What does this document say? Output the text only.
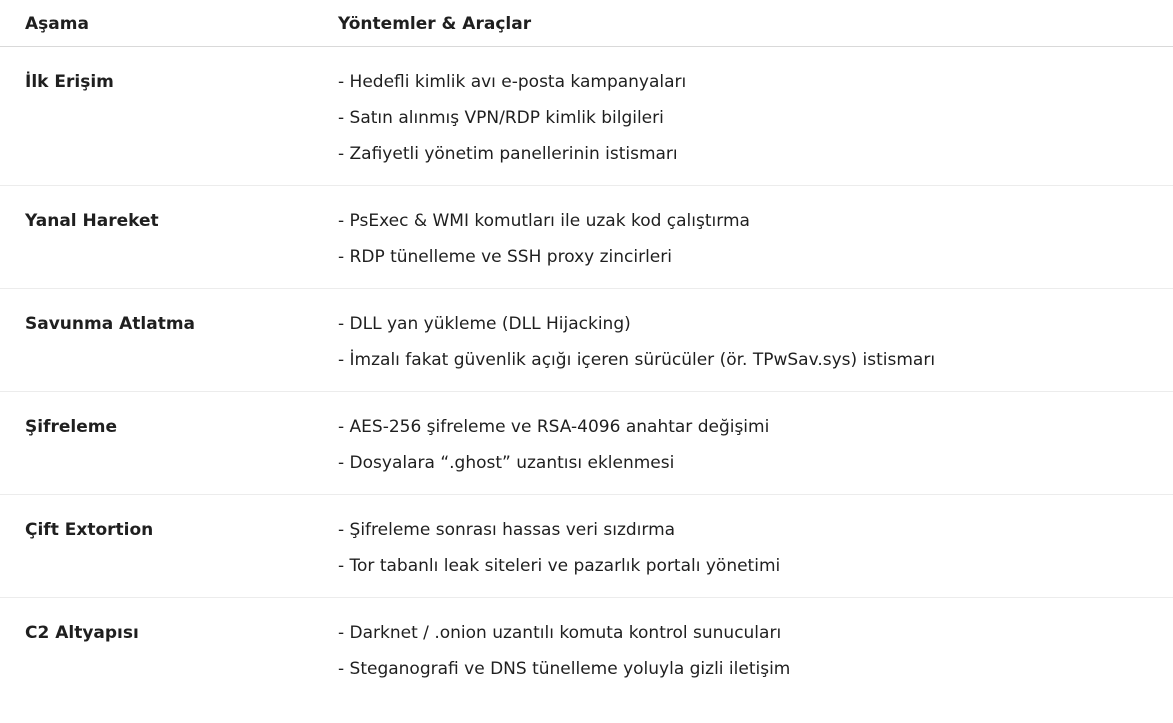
Aşama	Yöntemler & Araçlar
İlk Erişim	- Hedefli kimlik avı e-posta kampanyaları
- Satın alınmış VPN/RDP kimlik bilgileri
- Zafiyetli yönetim panellerinin istismarı
Yanal Hareket	- PsExec & WMI komutları ile uzak kod çalıştırma
- RDP tünelleme ve SSH proxy zincirleri
Savunma Atlatma	- DLL yan yükleme (DLL Hijacking)
- İmzalı fakat güvenlik açığı içeren sürücüler (ör. TPwSav.sys) istismarı
Şifreleme	- AES-256 şifreleme ve RSA-4096 anahtar değişimi
- Dosyalara “.ghost” uzantısı eklenmesi
Çift Extortion	- Şifreleme sonrası hassas veri sızdırma
- Tor tabanlı leak siteleri ve pazarlık portalı yönetimi
C2 Altyapısı	- Darknet / .onion uzantılı komuta kontrol sunucuları
- Steganografi ve DNS tünelleme yoluyla gizli iletişim
